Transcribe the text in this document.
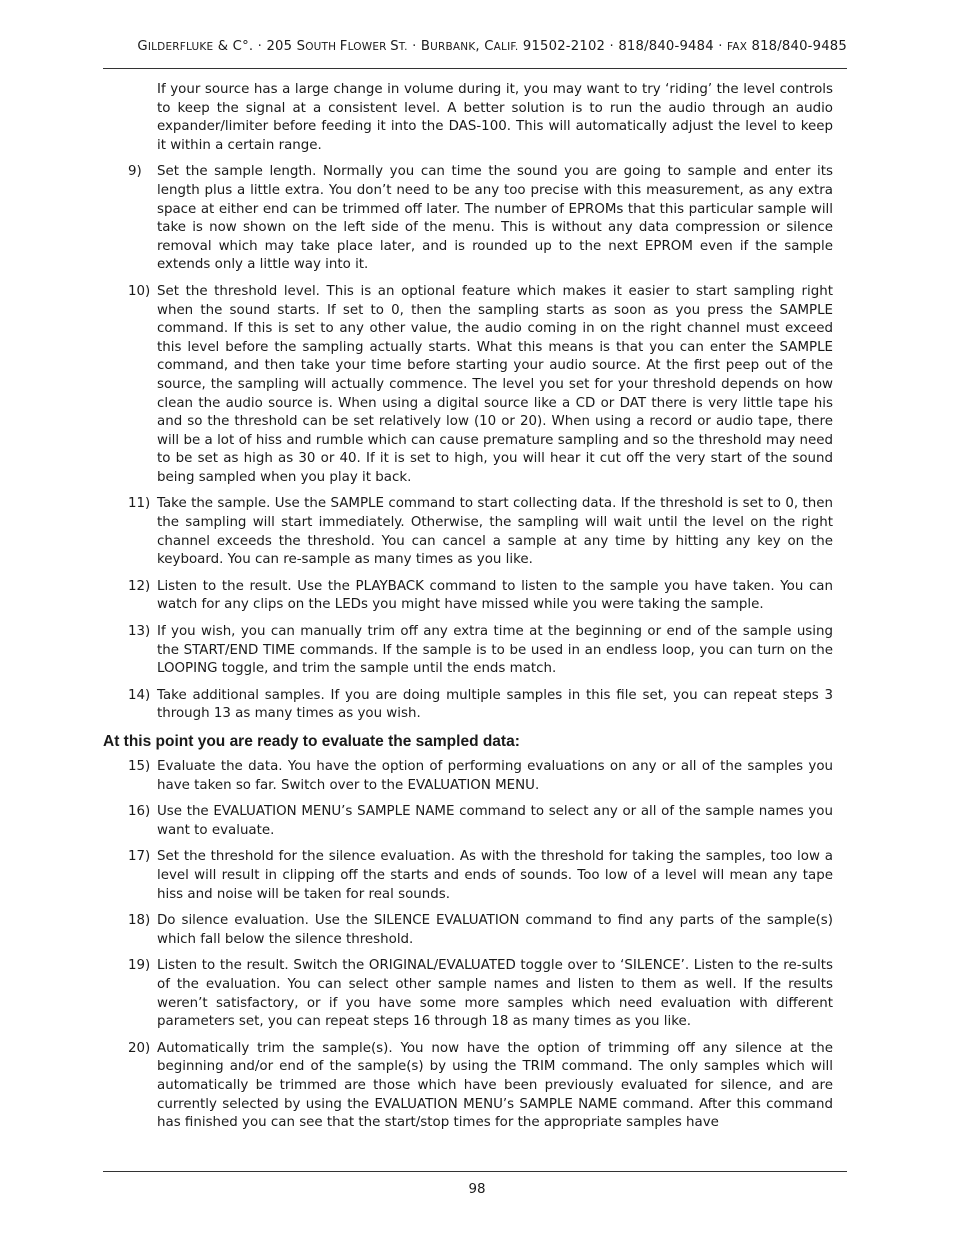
GILDERFLUKE & C°. · 205 SOUTH FLOWER ST. · BURBANK, CALIF. 91502-2102 · 818/840-9484 · FAX 818/840-9485

If your source has a large change in volume during it, you may want to try ‘riding’ the level controls to keep the signal at a consistent level. A better solution is to run the audio through an audio expander/limiter before feeding it into the DAS-100. This will automatically adjust the level to keep it within a certain range.

9)	Set the sample length. Normally you can time the sound you are going to sample and enter its length plus a little extra. You don’t need to be any too precise with this measurement, as any extra space at either end can be trimmed off later. The number of EPROMs that this particular sample will take is now shown on the left side of the menu. This is without any data compression or silence removal which may take place later, and is rounded up to the next EPROM even if the sample extends only a little way into it.
10) Set the threshold level. This is an optional feature which makes it easier to start sampling right when the sound starts. If set to 0, then the sampling starts as soon as you press the SAMPLE command. If this is set to any other value, the audio coming in on the right channel must exceed this level before the sampling actually starts. What this means is that you can enter the SAMPLE command, and then take your time before starting your audio source. At the first peep out of the source, the sampling will actually commence. The level you set for your threshold depends on how clean the audio source is. When using a digital source like a CD or DAT there is very little tape his and so the threshold can be set relatively low (10 or 20). When using a record or audio tape, there will be a lot of hiss and rumble which can cause premature sampling and so the threshold may need to be set as high as 30 or 40. If it is set to high, you will hear it cut off the very start of the sound being sampled when you play it back.
11) Take the sample. Use the SAMPLE command to start collecting data. If the threshold is set to 0, then the sampling will start immediately. Otherwise, the sampling will wait until the level on the right channel exceeds the threshold. You can cancel a sample at any time by hitting any key on the keyboard. You can re-sample as many times as you like.
12) Listen to the result. Use the PLAYBACK command to listen to the sample you have taken. You can watch for any clips on the LEDs you might have missed while you were taking the sample.
13) If you wish, you can manually trim off any extra time at the beginning or end of the sample using the START/END TIME commands. If the sample is to be used in an endless loop, you can turn on the LOOPING toggle, and trim the sample until the ends match.
14) Take additional samples. If you are doing multiple samples in this file set, you can repeat steps 3 through 13 as many times as you wish.
At this point you are ready to evaluate the sampled data:
15) Evaluate the data. You have the option of performing evaluations on any or all of the samples you have taken so far. Switch over to the EVALUATION MENU.
16) Use the EVALUATION MENU’s SAMPLE NAME command to select any or all of the sample names you want to evaluate.
17) Set the threshold for the silence evaluation. As with the threshold for taking the samples, too low a level will result in clipping off the starts and ends of sounds. Too low of a level will mean any tape hiss and noise will be taken for real sounds.
18) Do silence evaluation. Use the SILENCE EVALUATION command to find any parts of the sample(s) which fall below the silence threshold.
19) Listen to the result. Switch the ORIGINAL/EVALUATED toggle over to ‘SILENCE’. Listen to the re-sults of the evaluation. You can select other sample names and listen to them as well. If the results weren’t satisfactory, or if you have some more samples which need evaluation with different parameters set, you can repeat steps 16 through 18 as many times as you like.
20) Automatically trim the sample(s). You now have the option of trimming off any silence at the beginning and/or end of the sample(s) by using the TRIM command. The only samples which will automatically be trimmed are those which have been previously evaluated for silence, and are currently selected by using the EVALUATION MENU’s SAMPLE NAME command. After this command has finished you can see that the start/stop times for the appropriate samples have
98
